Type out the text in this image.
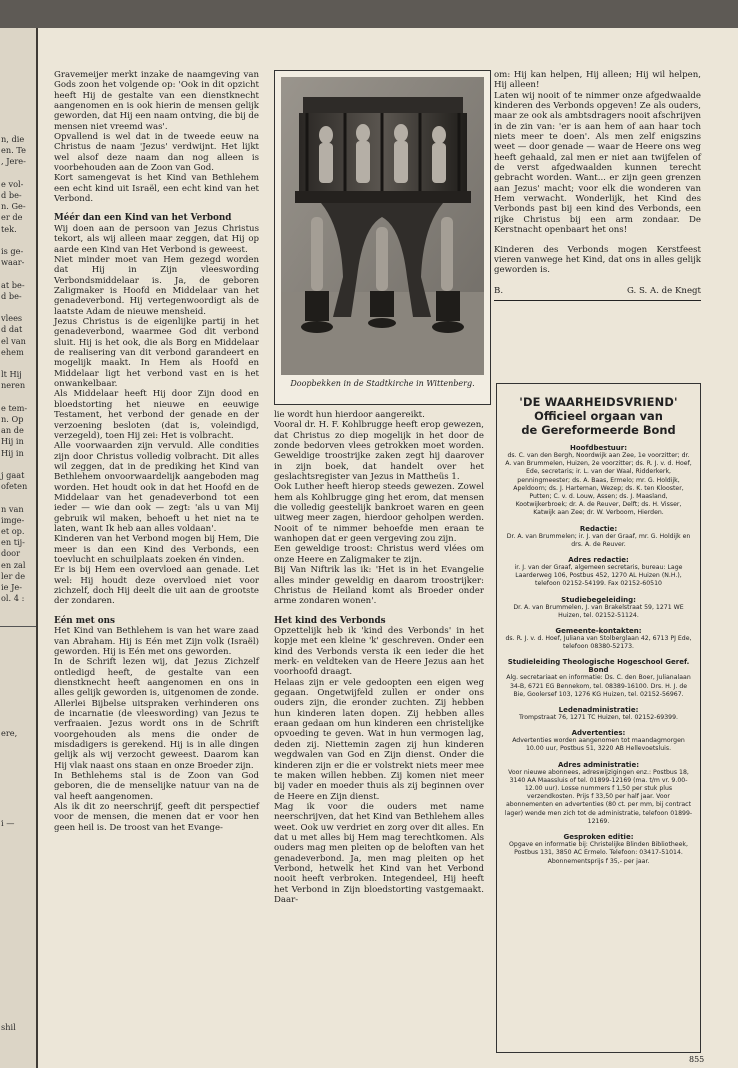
n, die
en. Te
, Jere-
e vol-
d be-
n. Ge-
er de
tek.
is ge-
waar-
at be-
d be-
vlees
d dat
el van
ehem
lt Hij
neren
e tem-
n. Op
an de
Hij in
Hij in
j gaat
ofeten
n van
imge-
et op.
en tij-
door
en zal
ler de
ie Je-
ol. 4 :
ere,
i —
shil

Gravemeijer merkt inzake de naamgeving van Gods zoon het volgende op: 'Ook in dit opzicht heeft Hij de gestalte van een dienstknecht aangenomen en is ook hierin de mensen gelijk geworden, dat Hij een naam ontving, die bij de mensen niet vreemd was'.

Opvallend is wel dat in de tweede eeuw na Christus de naam 'Jezus' verdwijnt. Het lijkt wel alsof deze naam dan nog alleen is voorbehouden aan de Zoon van God.

Kort samengevat is het Kind van Bethlehem een echt kind uit Israël, een echt kind van het Verbond.

Méér dan een Kind van het Verbond

Wij doen aan de persoon van Jezus Christus tekort, als wij alleen maar zeggen, dat Hij op aarde een Kind van Het Verbond is geweest.

Niet minder moet van Hem gezegd worden dat Hij in Zijn vleeswording Verbondsmiddelaar is. Ja, de geboren Zaligmaker is Hoofd en Middelaar van het genadeverbond. Hij vertegenwoordigt als de laatste Adam de nieuwe mensheid.

Jezus Christus is de eigenlijke partij in het genadeverbond, waarmee God dit verbond sluit. Hij is het ook, die als Borg en Middelaar de realisering van dit verbond garandeert en mogelijk maakt. In Hem als Hoofd en Middelaar ligt het verbond vast en is het onwankelbaar.

Als Middelaar heeft Hij door Zijn dood en bloedstorting het nieuwe en eeuwige Testament, het verbond der genade en der verzoening besloten (dat is, voleindigd, verzegeld), toen Hij zei: Het is volbracht.

Alle voorwaarden zijn vervuld. Alle condities zijn door Christus volledig volbracht. Dit alles wil zeggen, dat in de prediking het Kind van Bethlehem onvoorwaardelijk aangeboden mag worden. Het houdt ook in dat het Hoofd en de Middelaar van het genadeverbond tot een ieder — wie dan ook — zegt: 'als u van Mij gebruik wil maken, behoeft u het niet na te laten, want Ik heb aan alles voldaan'.

Kinderen van het Verbond mogen bij Hem, Die meer is dan een Kind des Verbonds, een toevlucht en schuilplaats zoeken én vinden.

Er is bij Hem een overvloed aan genade. Let wel: Hij houdt deze overvloed niet voor zichzelf, doch Hij deelt die uit aan de grootste der zondaren.

Eén met ons

Het Kind van Bethlehem is van het ware zaad van Abraham. Hij is Eén met Zijn volk (Israël) geworden. Hij is Eén met ons geworden.

In de Schrift lezen wij, dat Jezus Zichzelf ontledigd heeft, de gestalte van een dienstknecht heeft aangenomen en ons in alles gelijk geworden is, uitgenomen de zonde. Allerlei Bijbelse uitspraken verhinderen ons de incarnatie (de vleeswording) van Jezus te verfraaien. Jezus wordt ons in de Schrift voorgehouden als mens die onder de misdadigers is gerekend. Hij is in alle dingen gelijk als wij verzocht geweest. Daarom kan Hij vlak naast ons staan en onze Broeder zijn.

In Bethlehems stal is de Zoon van God geboren, die de menselijke natuur van na de val heeft aangenomen.

Als ik dit zo neerschrijf, geeft dit perspectief voor de mensen, die menen dat er voor hen geen heil is. De troost van het Evange-

Doopbekken in de Stadtkirche in Wittenberg.

lie wordt hun hierdoor aangereikt.

Vooral dr. H. F. Kohlbrugge heeft erop gewezen, dat Christus zo diep mogelijk in het door de zonde bedorven vlees getrokken moet worden. Geweldige troostrijke zaken zegt hij daarover in zijn boek, dat handelt over het geslachtsregister van Jezus in Mattheüs 1.

Ook Luther heeft hierop steeds gewezen. Zowel hem als Kohlbrugge ging het erom, dat mensen die volledig geestelijk bankroet waren en geen uitweg meer zagen, hierdoor geholpen werden. Nooit of te nimmer behoefde men eraan te wanhopen dat er geen vergeving zou zijn.

Een geweldige troost: Christus werd vlées om onze Heere en Zaligmaker te zijn.

Bij Van Niftrik las ik: 'Het is in het Evangelie alles minder geweldig en daarom troostrijker: Christus de Heiland komt als Broeder onder arme zondaren wonen'.

Het kind des Verbonds

Opzettelijk heb ik 'kind des Verbonds' in het kopje met een kleine 'k' geschreven. Onder een kind des Verbonds versta ik een ieder die het merk- en veldteken van de Heere Jezus aan het voorhoofd draagt.

Helaas zijn er vele gedoopten een eigen weg gegaan. Ongetwijfeld zullen er onder ons ouders zijn, die eronder zuchten. Zij hebben hun kinderen laten dopen. Zij hebben alles eraan gedaan om hun kinderen een christelijke opvoeding te geven. Wat in hun vermogen lag, deden zij. Niettemin zagen zij hun kinderen wegdwalen van God en Zijn dienst. Onder die kinderen zijn er die er volstrekt niets meer mee te maken willen hebben. Zij komen niet meer bij vader en moeder thuis als zij beginnen over de Heere en Zijn dienst.

Mag ik voor die ouders met name neerschrijven, dat het Kind van Bethlehem alles weet. Ook uw verdriet en zorg over dit alles. En dat u met alles bij Hem mag terechtkomen. Als ouders mag men pleiten op de beloften van het genadeverbond. Ja, men mag pleiten op het Verbond, hetwelk het Kind van het Verbond nooit heeft verbroken. Integendeel, Hij heeft het Verbond in Zijn bloedstorting vastgemaakt. Daar-

om: Hij kan helpen, Hij alleen; Hij wil helpen, Hij alleen!

Laten wij nooit of te nimmer onze afgedwaalde kinderen des Verbonds opgeven! Ze als ouders, maar ze ook als ambtsdragers nooit afschrijven in de zin van: 'er is aan hem of aan haar toch niets meer te doen'. Als men zelf enigszins weet — door genade — waar de Heere ons weg heeft gehaald, zal men er niet aan twijfelen of de verst afgedwaalden kunnen terecht gebracht worden. Want... er zijn geen grenzen aan Jezus' macht; voor elk die wonderen van Hem verwacht. Wonderlijk, het Kind des Verbonds past bij een kind des Verbonds, een rijke Christus bij een arm zondaar. De Kerstnacht openbaart het ons!

Kinderen des Verbonds mogen Kerstfeest vieren vanwege het Kind, dat ons in alles gelijk geworden is.

B.	G. S. A. de Knegt
'DE WAARHEIDSVRIEND'
Officieel orgaan van
de Gereformeerde Bond
Hoofdbestuur:
ds. C. van den Bergh, Noordwijk aan Zee, 1e voorzitter; dr. A. van Brummelen, Huizen, 2e voorzitter; ds. R. J. v. d. Hoef, Ede, secretaris; ir. L. van der Waal, Ridderkerk, penningmeester; ds. A. Baas, Ermelo; mr. G. Holdijk, Apeldoorn; ds. J. Harteman, Wezep; ds. K. ten Klooster, Putten; C. v. d. Louw, Assen; ds. J. Maasland, Kootwijkerbroek; dr. A. de Reuver, Delft; ds. H. Visser, Katwijk aan Zee; dr. W. Verboom, Hierden.
Redactie:
Dr. A. van Brummelen; ir. J. van der Graaf, mr. G. Holdijk en drs. A. de Reuver.
Adres redactie:
ir. J. van der Graaf, algemeen secretaris, bureau: Lage Laarderweg 106, Postbus 452, 1270 AL Huizen (N.H.), telefoon 02152-54199. Fax 02152-60510
Studiebegeleiding:
Dr. A. van Brummelen, J. van Brakelstraat 59, 1271 WE Huizen, tel. 02152-51124.
Gemeente-kontakten:
ds. R. J. v. d. Hoef, Juliana van Stolberglaan 42, 6713 PJ Ede, telefoon 08380-52173.
Studieleiding Theologische Hogeschool Geref. Bond
Alg. secretariaat en informatie: Ds. C. den Boer, Julianalaan 34-B, 6721 EG Bennekom, tel. 08389-16100. Drs. H. J. de Bie, Goolersef 103, 1276 KG Huizen, tel. 02152-56967.
Ledenadministratie:
Trompstraat 76, 1271 TC Huizen, tel. 02152-69399.
Advertenties:
Advertenties worden aangenomen tot maandagmorgen 10.00 uur, Postbus 51, 3220 AB Hellevoetsluis.
Adres administratie:
Voor nieuwe abonnees, adreswijzigingen enz.: Postbus 18, 3140 AA Maassluis of tel. 01899-12169 (ma. t/m vr. 9.00-12.00 uur). Losse nummers f 1,50 per stuk plus verzendkosten. Prijs f 33,50 per half jaar. Voor abonnementen en advertenties (80 ct. per mm, bij contract lager) wende men zich tot de administratie, telefoon 01899-12169.
Gesproken editie:
Opgave en informatie bij: Christelijke Blinden Bibliotheek, Postbus 131, 3850 AC Ermelo. Telefoon: 03417-51014. Abonnementsprijs f 35,- per jaar.
855
